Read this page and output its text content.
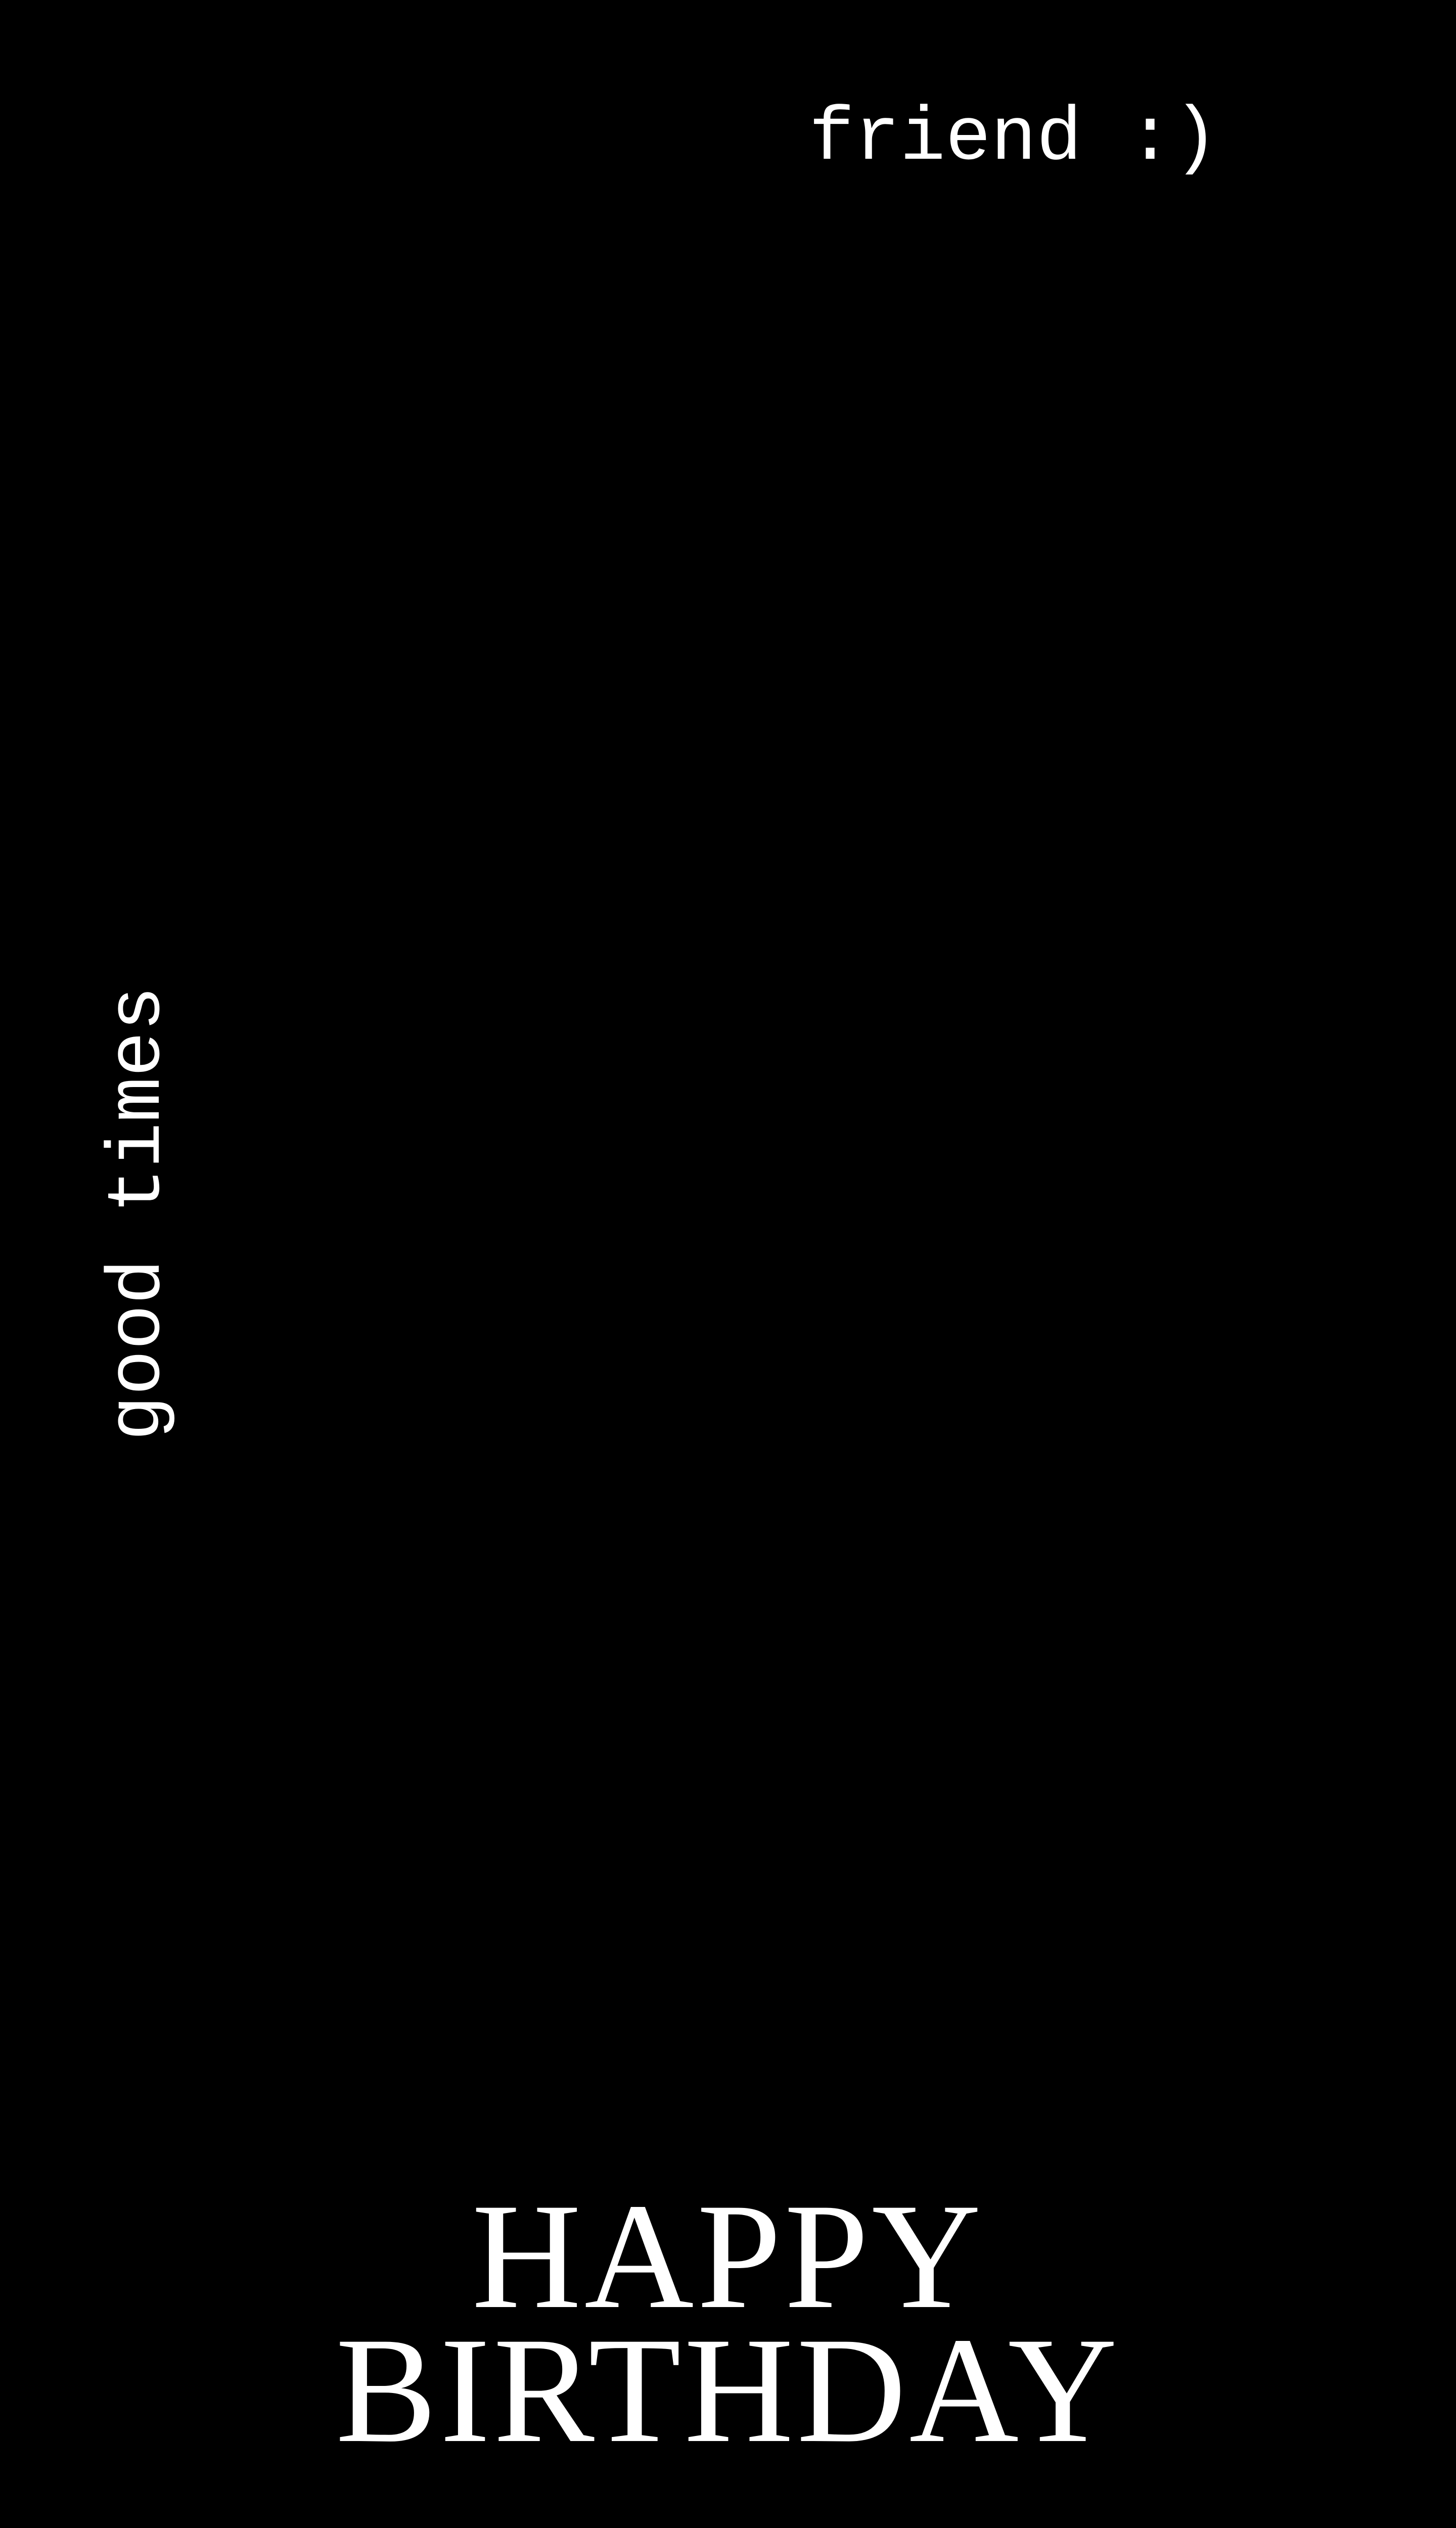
friend :)
good times
HAPPY
BIRTHDAY
